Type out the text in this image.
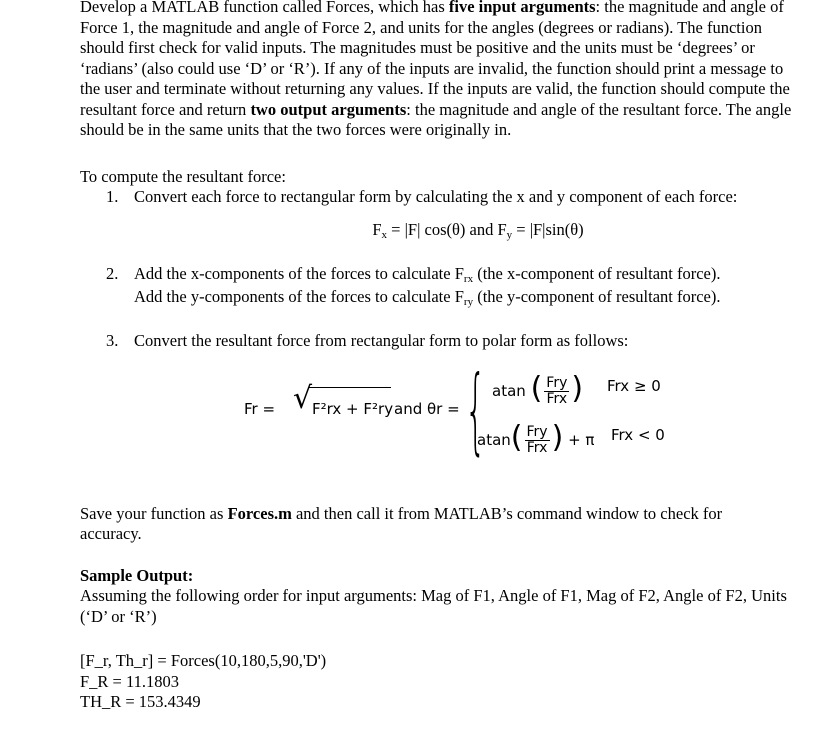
Develop a MATLAB function called Forces, which has five input arguments: the magnitude and angle of Force 1, the magnitude and angle of Force 2, and units for the angles (degrees or radians). The function should first check for valid inputs. The magnitudes must be positive and the units must be ‘degrees’ or ‘radians’ (also could use ‘D’ or ‘R’). If any of the inputs are invalid, the function should print a message to the user and terminate without returning any values. If the inputs are valid, the function should compute the resultant force and return two output arguments: the magnitude and angle of the resultant force. The angle should be in the same units that the two forces were originally in.

To compute the resultant force:

1. Convert each force to rectangular form by calculating the x and y component of each force:

Fx = |F| cos(θ) and Fy = |F|sin(θ)

2. Add the x-components of the forces to calculate Frx (the x-component of resultant force).

Add the y-components of the forces to calculate Fry (the y-component of resultant force).

3. Convert the resultant force from rectangular form to polar form as follows:

Fr = √ F²rx + F²ry and θr = { atan ( $\frac{\text{Fry}}{\text{Frx}}$ ) Frx ≥ 0
$atan( \frac{\text{Fry}}{\text{Frx}}$ ) + π Frx < 0

Save your function as Forces.m and then call it from MATLAB’s command window to check for accuracy.

Sample Output:

Assuming the following order for input arguments: Mag of F1, Angle of F1, Mag of F2, Angle of F2, Units (‘D’ or ‘R’)

[F_r, Th_r] = Forces(10,180,5,90,'D')

F_R = 11.1803

TH_R = 153.4349
